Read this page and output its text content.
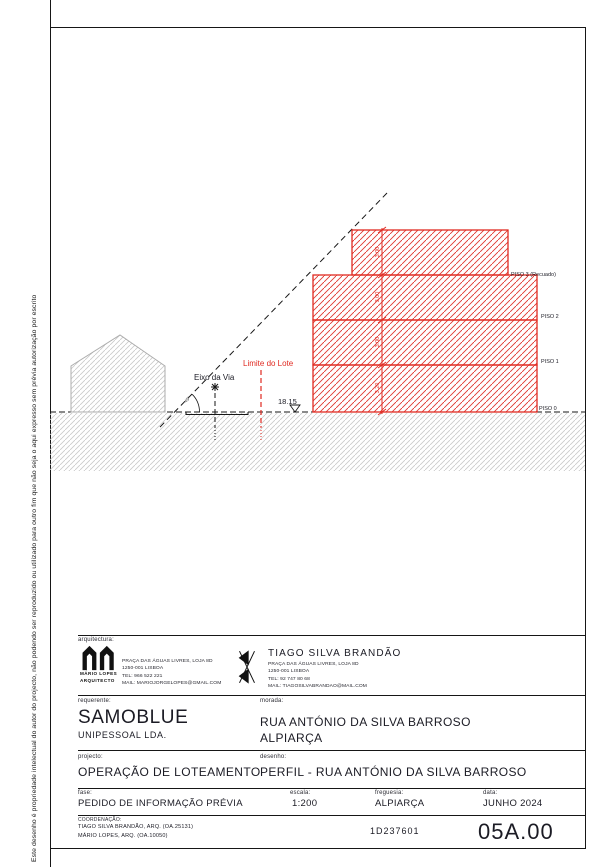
Este desenho é propriedade intelectual do autor do projecto, não podendo ser reproduzido ou utilizado para outro fim que não seja o aqui expresso sem prévia autorização por escrito	45°
Eixo da Via
Limite do Lote
18.15
3.00
3.00
3.00
3.20
PISO 3 (Recuado)
PISO 2
PISO 1
PISO 0
arquitectura:
MÁRIO LOPES
ARQUITECTO
PRAÇA DAS ÁGUAS LIVRES, LOJA 8D
1250-001 LISBOA
TEL: 966 522 221
MAIL: MARIOJORGELOPES@GMAIL.COM
TIAGO SILVA BRANDÃO
PRAÇA DAS ÁGUAS LIVRES, LOJA 8D
1250-001 LISBOA
TEL: 92 747 80 68
MAIL: TIAGOSILVABRANDAO@MAIL.COM
requerente:
SAMOBLUE
UNIPESSOAL LDA.
morada:
RUA ANTÓNIO DA SILVA BARROSO
ALPIARÇA
projecto:
OPERAÇÃO DE LOTEAMENTO
desenho:
PERFIL - RUA ANTÓNIO DA SILVA BARROSO
fase:
PEDIDO DE INFORMAÇÃO PRÉVIA
escala:
1:200
freguesia:
ALPIARÇA
data:
JUNHO 2024
COORDENAÇÃO:
TIAGO SILVA BRANDÃO, ARQ. (OA.25131)
MÁRIO LOPES, ARQ. (OA.10050)	1D237601	05A.00
